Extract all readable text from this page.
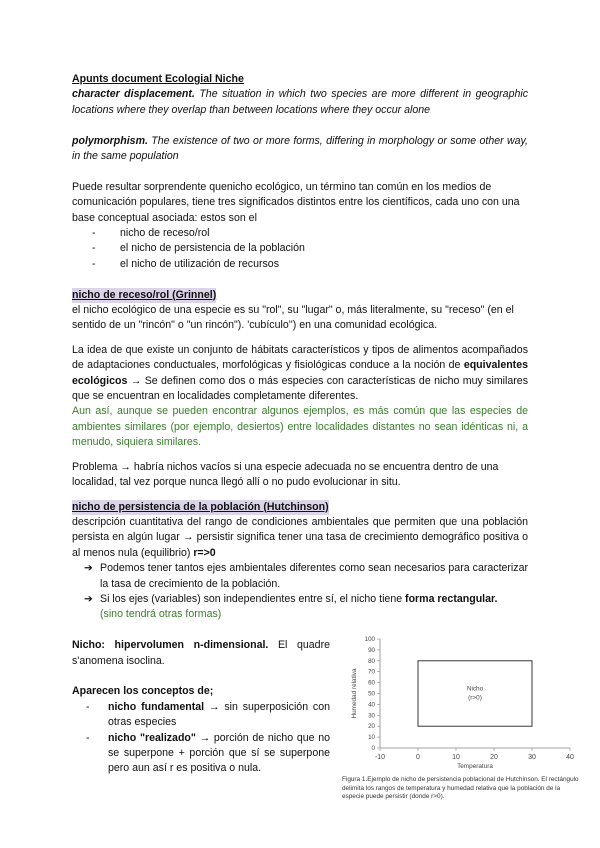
Apunts document Ecologial Niche

character displacement. The situation in which two species are more different in geographic locations where they overlap than between locations where they occur alone

polymorphism. The existence of two or more forms, differing in morphology or some other way, in the same population

Puede resultar sorprendente quenicho ecológico, un término tan común en los medios de comunicación populares, tiene tres significados distintos entre los científicos, cada uno con una base conceptual asociada: estos son el

- nicho de receso/rol
- el nicho de persistencia de la población
- el nicho de utilización de recursos

nicho de receso/rol (Grinnel)

el nicho ecológico de una especie es su "rol", su "lugar" o, más literalmente, su "receso" (en el sentido de un "rincón" o "un rincón"). 'cubículo'') en una comunidad ecológica.

La idea de que existe un conjunto de hábitats característicos y tipos de alimentos acompañados de adaptaciones conductuales, morfológicas y fisiológicas conduce a la noción de equivalentes ecológicos → Se definen como dos o más especies con características de nicho muy similares que se encuentran en localidades completamente diferentes.

Aun así, aunque se pueden encontrar algunos ejemplos, es más común que las especies de ambientes similares (por ejemplo, desiertos) entre localidades distantes no sean idénticas ni, a menudo, siquiera similares.

Problema → habría nichos vacíos si una especie adecuada no se encuentra dentro de una localidad, tal vez porque nunca llegó allí o no pudo evolucionar in situ.

nicho de persistencia de la población (Hutchinson)

descripción cuantitativa del rango de condiciones ambientales que permiten que una población persista en algún lugar → persistir significa tener una tasa de crecimiento demográfico positiva o al menos nula (equilibrio) r=>0

➔ Podemos tener tantos ejes ambientales diferentes como sean necesarios para caracterizar la tasa de crecimiento de la población.
➔ Si los ejes (variables) son independientes entre sí, el nicho tiene forma rectangular.
(sino tendrá otras formas)

Nicho: hipervolumen n-dimensional. El quadre s'anomena isoclina.

Aparecen los conceptos de;

- nicho fundamental → sin superposición con otras especies
- nicho "realizado" → porción de nicho que no se superpone + porción que sí se superpone pero aun así r es positiva o nula.
0
10
20
30
40
50
60
70
80
90
100
-10	0	10	20	30	40
Temperatura
Humedad relativa	Nicho
(r>0)

Figura 1.Ejemplo de nicho de persistencia poblacional de Hutchinson. El rectángulo delimita los rangos de temperatura y humedad relativa que la población de la especie puede persistir (donde r>0).
